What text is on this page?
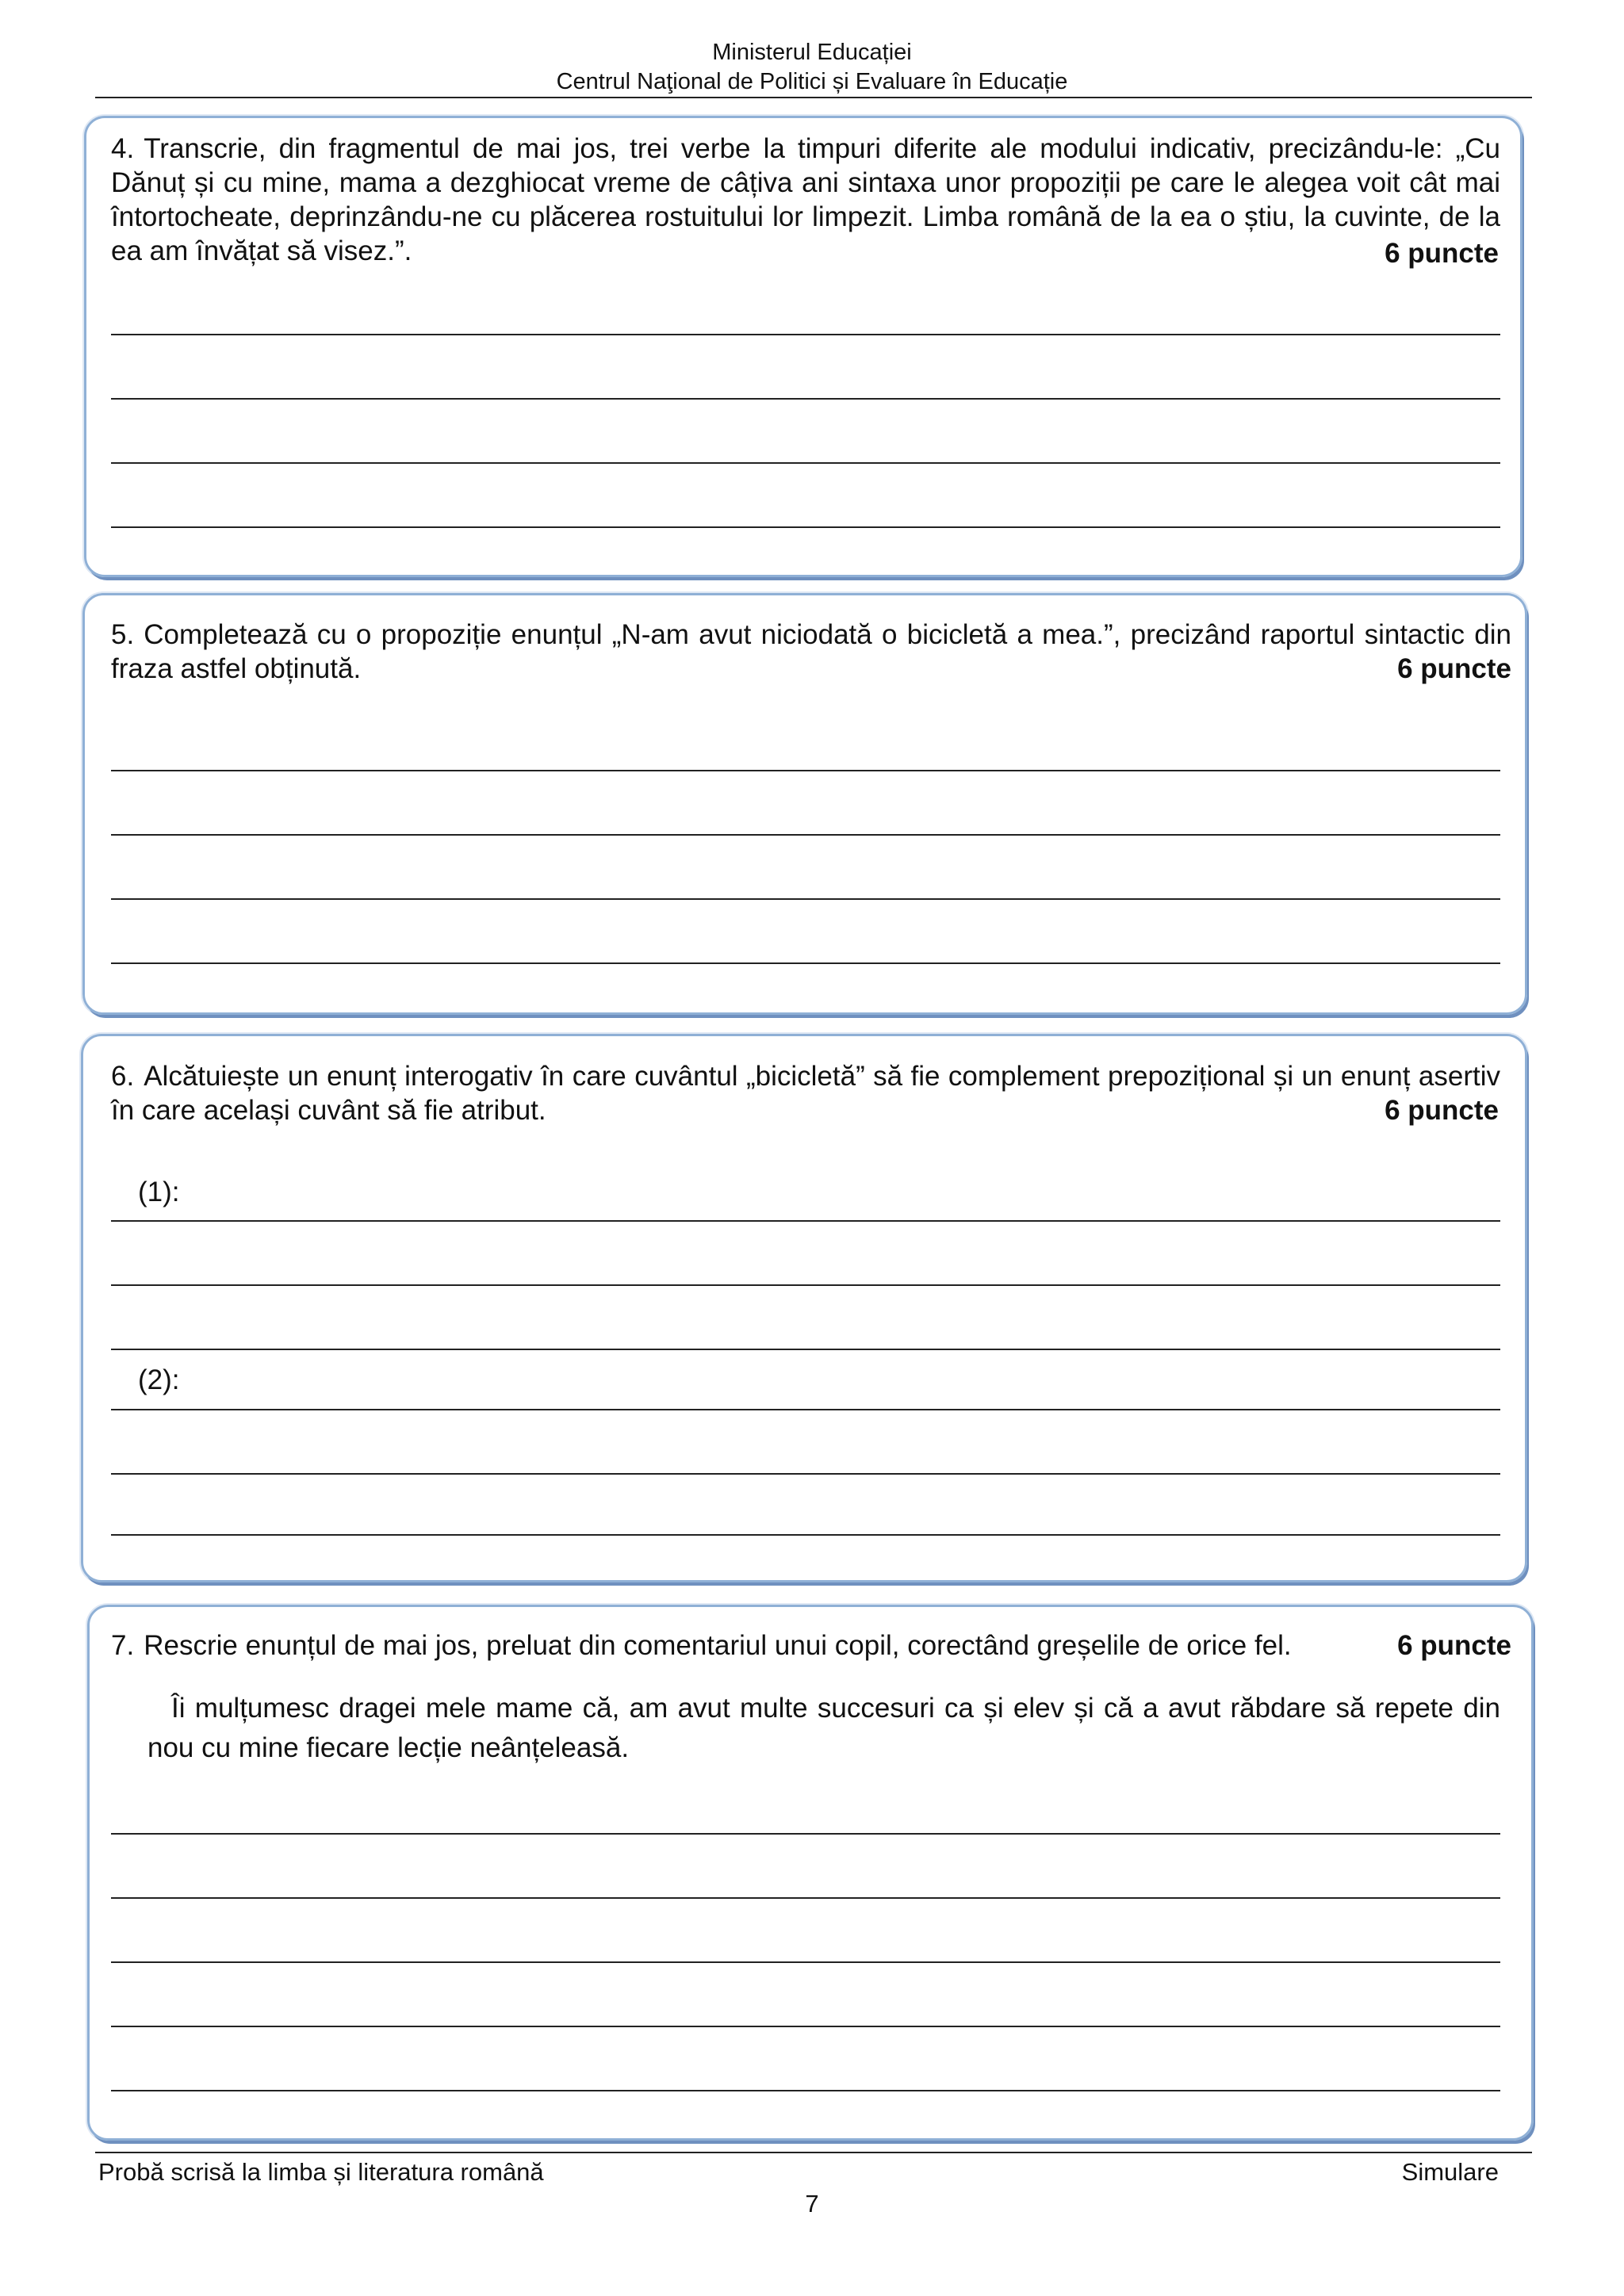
Ministerul Educației
Centrul Naţional de Politici și Evaluare în Educație
4. Transcrie, din fragmentul de mai jos, trei verbe la timpuri diferite ale modului indicativ, precizându-le: „Cu Dănuț și cu mine, mama a dezghiocat vreme de câțiva ani sintaxa unor propoziții pe care le alegea voit cât mai întortocheate, deprinzându-ne cu plăcerea rostuitului lor limpezit. Limba română de la ea o știu, la cuvinte, de la ea am învățat să visez.”.	6 puncte
5. Completează cu o propoziție enunțul „N-am avut niciodată o bicicletă a mea.”, precizând raportul sintactic din fraza astfel obținută.	6 puncte
6. Alcătuiește un enunț interogativ în care cuvântul „bicicletă” să fie complement prepozițional și un enunț asertiv în care același cuvânt să fie atribut.	6 puncte
(1):
(2):
7. Rescrie enunțul de mai jos, preluat din comentariul unui copil, corectând greșelile de orice fel.	6 puncte
Îi mulțumesc dragei mele mame că, am avut multe succesuri ca și elev și că a avut răbdare să repete din nou cu mine fiecare lecție neânțeleasă.
Probă scrisă la limba și literatura română	Simulare
7
